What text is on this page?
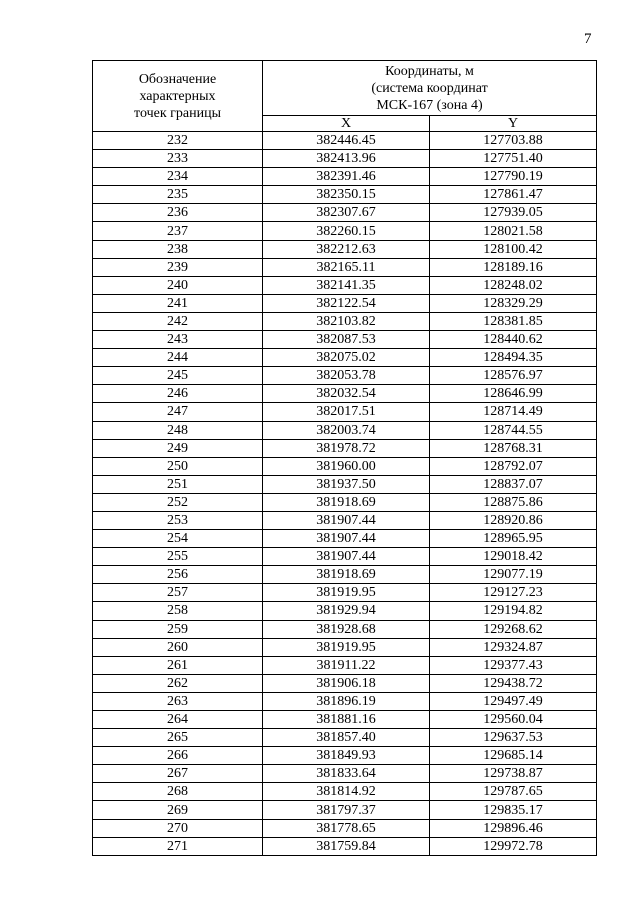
7
Обозначение
характерных
точек границы	Координаты, м
(система координат
МСК-167 (зона 4)	
	X	Y
232	382446.45	127703.88
233	382413.96	127751.40
234	382391.46	127790.19
235	382350.15	127861.47
236	382307.67	127939.05
237	382260.15	128021.58
238	382212.63	128100.42
239	382165.11	128189.16
240	382141.35	128248.02
241	382122.54	128329.29
242	382103.82	128381.85
243	382087.53	128440.62
244	382075.02	128494.35
245	382053.78	128576.97
246	382032.54	128646.99
247	382017.51	128714.49
248	382003.74	128744.55
249	381978.72	128768.31
250	381960.00	128792.07
251	381937.50	128837.07
252	381918.69	128875.86
253	381907.44	128920.86
254	381907.44	128965.95
255	381907.44	129018.42
256	381918.69	129077.19
257	381919.95	129127.23
258	381929.94	129194.82
259	381928.68	129268.62
260	381919.95	129324.87
261	381911.22	129377.43
262	381906.18	129438.72
263	381896.19	129497.49
264	381881.16	129560.04
265	381857.40	129637.53
266	381849.93	129685.14
267	381833.64	129738.87
268	381814.92	129787.65
269	381797.37	129835.17
270	381778.65	129896.46
271	381759.84	129972.78
